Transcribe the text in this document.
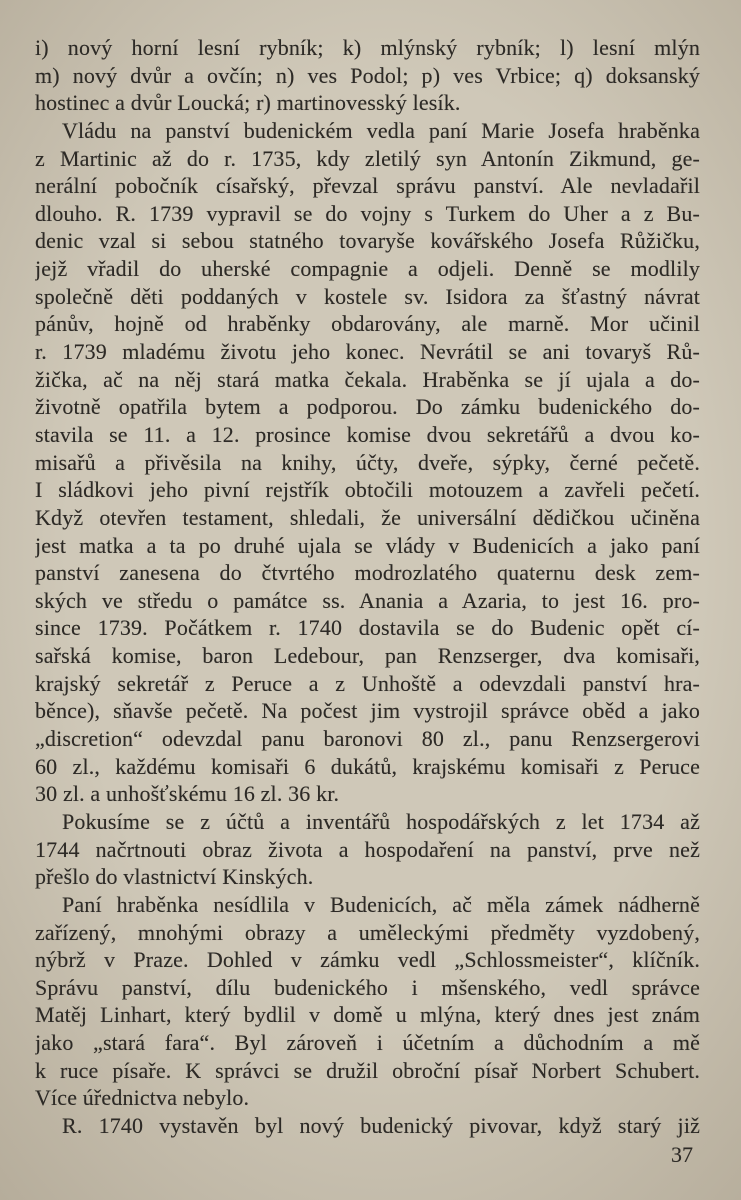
i) nový horní lesní rybník; k) mlýnský rybník; l) lesní mlýn
m) nový dvůr a ovčín; n) ves Podol; p) ves Vrbice; q) doksanský
hostinec a dvůr Loucká; r) martinovesský lesík.
Vládu na panství budenickém vedla paní Marie Josefa hraběnka
z Martinic až do r. 1735, kdy zletilý syn Antonín Zikmund, ge-
nerální pobočník císařský, převzal správu panství. Ale nevladařil
dlouho. R. 1739 vypravil se do vojny s Turkem do Uher a z Bu-
denic vzal si sebou statného tovaryše kovářského Josefa Růžičku,
jejž vřadil do uherské compagnie a odjeli. Denně se modlily
společně děti poddaných v kostele sv. Isidora za šťastný návrat
pánův, hojně od hraběnky obdarovány, ale marně. Mor učinil
r. 1739 mladému životu jeho konec. Nevrátil se ani tovaryš Rů-
žička, ač na něj stará matka čekala. Hraběnka se jí ujala a do-
životně opatřila bytem a podporou. Do zámku budenického do-
stavila se 11. a 12. prosince komise dvou sekretářů a dvou ko-
misařů a přivěsila na knihy, účty, dveře, sýpky, černé pečetě.
I sládkovi jeho pivní rejstřík obtočili motouzem a zavřeli pečetí.
Když otevřen testament, shledali, že universální dědičkou učiněna
jest matka a ta po druhé ujala se vlády v Budenicích a jako paní
panství zanesena do čtvrtého modrozlatého quaternu desk zem-
ských ve středu o památce ss. Anania a Azaria, to jest 16. pro-
since 1739. Počátkem r. 1740 dostavila se do Budenic opět cí-
sařská komise, baron Ledebour, pan Renzserger, dva komisaři,
krajský sekretář z Peruce a z Unhoště a odevzdali panství hra-
běnce), sňavše pečetě. Na počest jim vystrojil správce oběd a jako
„discretion“ odevzdal panu baronovi 80 zl., panu Renzsergerovi
60 zl., každému komisaři 6 dukátů, krajskému komisaři z Peruce
30 zl. a unhošťskému 16 zl. 36 kr.
Pokusíme se z účtů a inventářů hospodářských z let 1734 až
1744 načrtnouti obraz života a hospodaření na panství, prve než
přešlo do vlastnictví Kinských.
Paní hraběnka nesídlila v Budenicích, ač měla zámek nádherně
zařízený, mnohými obrazy a uměleckými předměty vyzdobený,
nýbrž v Praze. Dohled v zámku vedl „Schlossmeister“, klíčník.
Správu panství, dílu budenického i mšenského, vedl správce
Matěj Linhart, který bydlil v domě u mlýna, který dnes jest znám
jako „stará fara“. Byl zároveň i účetním a důchodním a mě
k ruce písaře. K správci se družil obroční písař Norbert Schubert.
Více úřednictva nebylo.
R. 1740 vystavěn byl nový budenický pivovar, když starý již
37
